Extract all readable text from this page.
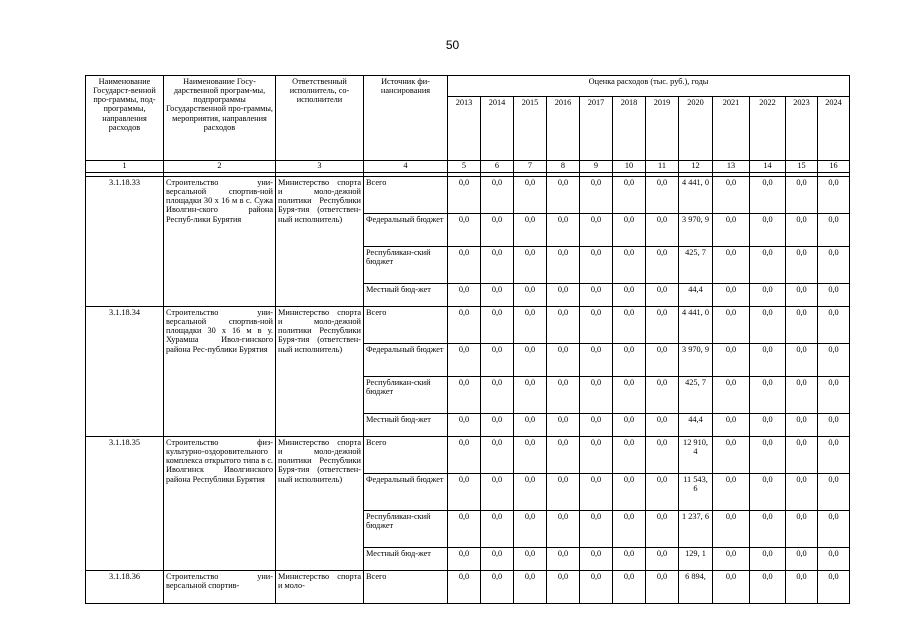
50
Наименование Государст-венной про-граммы, под-программы, направления расходов	Наименование Госу-дарственной програм-мы, подпрограммы Государственной про-граммы, мероприятия, направления расходов	Ответственный исполнитель, со-исполнители	Источник фи-нансирования	Оценка расходов (тыс. руб.), годы											
				2013	2014	2015	2016	2017	2018	2019	2020	2021	2022	2023	2024
1	2	3	4	5	6	7	8	9	10	11	12	13	14	15	16

3.1.18.33	Строительство уни-версальной спортив-ной площадки 30 х 16 м в с. Сужа Иволгин-ского района Респуб-лики Бурятия	Министерство спорта и моло-дежной политики Республики Буря-тия (ответствен-ный исполнитель)	Всего	0,0	0,0	0,0	0,0	0,0	0,0	0,0	4 441, 0	0,0	0,0	0,0	0,0
			Федеральный бюджет	0,0	0,0	0,0	0,0	0,0	0,0	0,0	3 970, 9	0,0	0,0	0,0	0,0
			Республикан-ский бюджет	0,0	0,0	0,0	0,0	0,0	0,0	0,0	425, 7	0,0	0,0	0,0	0,0
			Местный бюд-жет	0,0	0,0	0,0	0,0	0,0	0,0	0,0	44,4	0,0	0,0	0,0	0,0
3.1.18.34	Строительство уни-версальной спортив-ной площадки 30 х 16 м в у. Хурамша Ивол-гинского района Рес-публики Бурятия	Министерство спорта и моло-дежной политики Республики Буря-тия (ответствен-ный исполнитель)	Всего	0,0	0,0	0,0	0,0	0,0	0,0	0,0	4 441, 0	0,0	0,0	0,0	0,0
			Федеральный бюджет	0,0	0,0	0,0	0,0	0,0	0,0	0,0	3 970, 9	0,0	0,0	0,0	0,0
			Республикан-ский бюджет	0,0	0,0	0,0	0,0	0,0	0,0	0,0	425, 7	0,0	0,0	0,0	0,0
			Местный бюд-жет	0,0	0,0	0,0	0,0	0,0	0,0	0,0	44,4	0,0	0,0	0,0	0,0
3.1.18.35	Строительство физ-культурно-оздоровительного комплекса открытого типа в с. Иволгинск Иволгинского района Республики Бурятия	Министерство спорта и моло-дежной политики Республики Буря-тия (ответствен-ный исполнитель)	Всего	0,0	0,0	0,0	0,0	0,0	0,0	0,0	12 910, 4	0,0	0,0	0,0	0,0
			Федеральный бюджет	0,0	0,0	0,0	0,0	0,0	0,0	0,0	11 543, 6	0,0	0,0	0,0	0,0
			Республикан-ский бюджет	0,0	0,0	0,0	0,0	0,0	0,0	0,0	1 237, 6	0,0	0,0	0,0	0,0
			Местный бюд-жет	0,0	0,0	0,0	0,0	0,0	0,0	0,0	129, 1	0,0	0,0	0,0	0,0
3.1.18.36	Строительство уни-версальной спортив-	Министерство спорта и моло-	Всего	0,0	0,0	0,0	0,0	0,0	0,0	0,0	6 894,	0,0	0,0	0,0	0,0
